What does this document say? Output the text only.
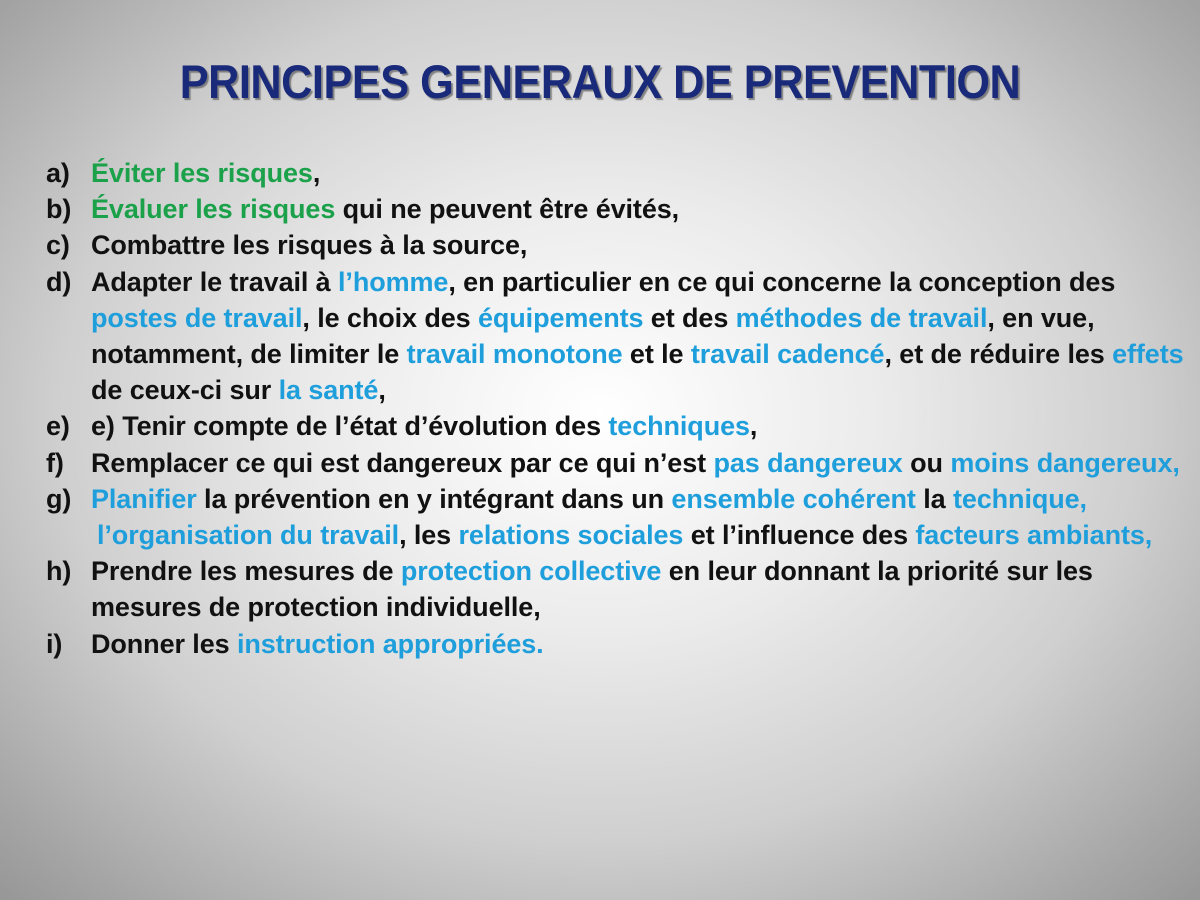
PRINCIPES GENERAUX DE PREVENTION
a) Éviter les risques,
b) Évaluer les risques qui ne peuvent être évités,
c) Combattre les risques à la source,
d) Adapter le travail à l’homme, en particulier en ce qui concerne la conception des postes de travail, le choix des équipements et des méthodes de travail, en vue, notamment, de limiter le travail monotone et le travail cadencé, et de réduire les effets de ceux-ci sur la santé,
e) e) Tenir compte de l’état d’évolution des techniques,
f) Remplacer ce qui est dangereux par ce qui n’est pas dangereux ou moins dangereux,
g) Planifier la prévention en y intégrant dans un ensemble cohérent la technique,
l’organisation du travail, les relations sociales et l’influence des facteurs ambiants,
h) Prendre les mesures de protection collective en leur donnant la priorité sur les mesures de protection individuelle,
i) Donner les instruction appropriées.
